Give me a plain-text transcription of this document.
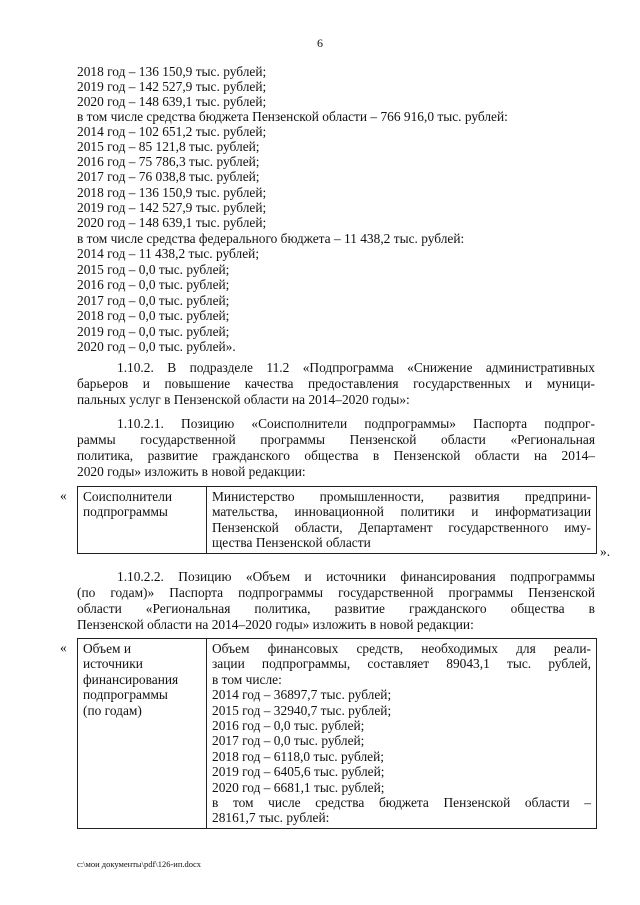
6
2018 год – 136 150,9 тыс. рублей;
2019 год – 142 527,9 тыс. рублей;
2020 год – 148 639,1 тыс. рублей;
в том числе средства бюджета Пензенской области – 766 916,0 тыс. рублей:
2014 год – 102 651,2 тыс. рублей;
2015 год – 85 121,8 тыс. рублей;
2016 год – 75 786,3 тыс. рублей;
2017 год – 76 038,8 тыс. рублей;
2018 год – 136 150,9 тыс. рублей;
2019 год – 142 527,9 тыс. рублей;
2020 год – 148 639,1 тыс. рублей;
в том числе средства федерального бюджета – 11 438,2 тыс. рублей:
2014 год – 11 438,2 тыс. рублей;
2015 год – 0,0 тыс. рублей;
2016 год – 0,0 тыс. рублей;
2017 год – 0,0 тыс. рублей;
2018 год – 0,0 тыс. рублей;
2019 год – 0,0 тыс. рублей;
2020 год – 0,0 тыс. рублей».
1.10.2. В подразделе 11.2 «Подпрограмма «Снижение административных
барьеров и повышение качества предоставления государственных и муници-
пальных услуг в Пензенской области на 2014–2020 годы»:
1.10.2.1. Позицию «Соисполнители подпрограммы» Паспорта подпрог-
раммы государственной программы Пензенской области «Региональная
политика, развитие гражданского общества в Пензенской области на 2014–
2020 годы» изложить в новой редакции:
« Соисполнители
подпрограммы

Министерство промышленности, развития предприни-
мательства, инновационной политики и информатизации
Пензенской области, Департамент государственного иму-
щества Пензенской области
».
1.10.2.2. Позицию «Объем и источники финансирования подпрограммы
(по годам)» Паспорта подпрограммы государственной программы Пензенской
области «Региональная политика, развитие гражданского общества в
Пензенской области на 2014–2020 годы» изложить в новой редакции:
« Объем и
источники
финансирования
подпрограммы
(по годам)

Объем финансовых средств, необходимых для реали-
зации подпрограммы, составляет 89043,1 тыс. рублей,
в том числе:
2014 год – 36897,7 тыс. рублей;
2015 год – 32940,7 тыс. рублей;
2016 год – 0,0 тыс. рублей;
2017 год – 0,0 тыс. рублей;
2018 год – 6118,0 тыс. рублей;
2019 год – 6405,6 тыс. рублей;
2020 год – 6681,1 тыс. рублей;
в том числе средства бюджета Пензенской области –
28161,7 тыс. рублей:
c:\мои документы\pdf\126-ип.docx
